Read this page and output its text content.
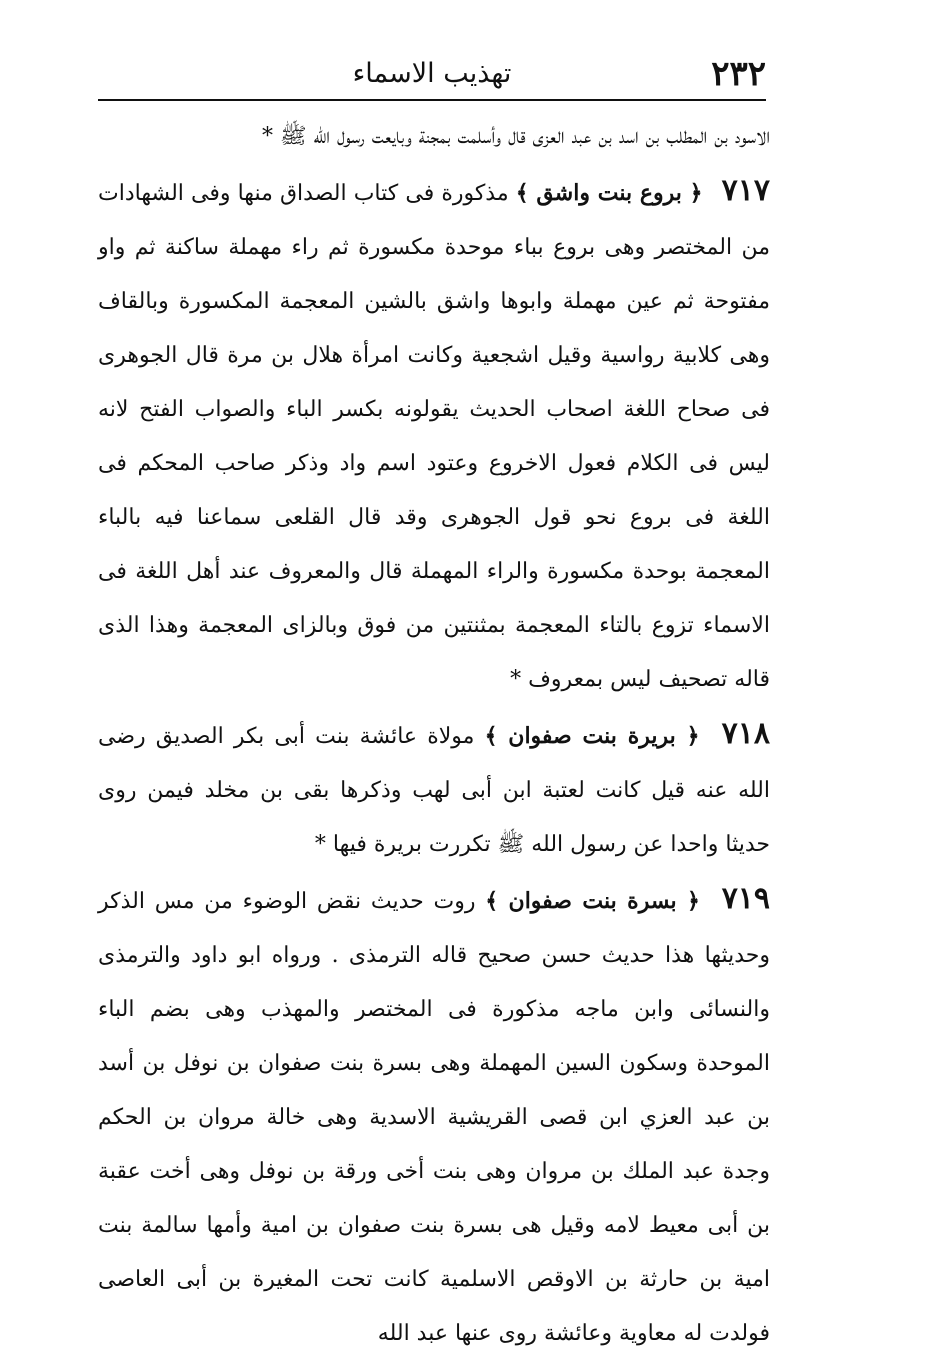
٢٣٢
تهذيب الاسماء

الاسود بن المطلب بن اسد بن عبد العزى قال وأسلمت بمجنة وبايعت رسول الله ﷺ *

٧١٧ ﴿ بروع بنت واشق ﴾ مذكورة فى كتاب الصداق منها وفى الشهادات من المختصر وهى بروع بباء موحدة مكسورة ثم راء مهملة ساكنة ثم واو مفتوحة ثم عين مهملة وابوها واشق بالشين المعجمة المكسورة وبالقاف وهى كلابية رواسية وقيل اشجعية وكانت امرأة هلال بن مرة قال الجوهرى فى صحاح اللغة اصحاب الحديث يقولونه بكسر الباء والصواب الفتح لانه ليس فى الكلام فعول الاخروع وعتود اسم واد وذكر صاحب المحكم فى اللغة فى بروع نحو قول الجوهرى وقد قال القلعى سماعنا فيه بالباء المعجمة بوحدة مكسورة والراء المهملة قال والمعروف عند أهل اللغة فى الاسماء تزوع بالتاء المعجمة بمثنتين من فوق وبالزاى المعجمة وهذا الذى قاله تصحيف ليس بمعروف *

٧١٨ ﴿ بريرة بنت صفوان ﴾ مولاة عائشة بنت أبى بكر الصديق رضى الله عنه قيل كانت لعتبة ابن أبى لهب وذكرها بقى بن مخلد فيمن روى حديثا واحدا عن رسول الله ﷺ تكررت بريرة فيها *

٧١٩ ﴿ بسرة بنت صفوان ﴾ روت حديث نقض الوضوء من مس الذكر وحديثها هذا حديث حسن صحيح قاله الترمذى . ورواه ابو داود والترمذى والنسائى وابن ماجه مذكورة فى المختصر والمهذب وهى بضم الباء الموحدة وسكون السين المهملة وهى بسرة بنت صفوان بن نوفل بن أسد بن عبد العزي ابن قصى القريشية الاسدية وهى خالة مروان بن الحكم وجدة عبد الملك بن مروان وهى بنت أخى ورقة بن نوفل وهى أخت عقبة بن أبى معيط لامه وقيل هى بسرة بنت صفوان بن امية وأمها سالمة بنت امية بن حارثة بن الاوقص الاسلمية كانت تحت المغيرة بن أبى العاصى فولدت له معاوية وعائشة روى عنها عبد الله
